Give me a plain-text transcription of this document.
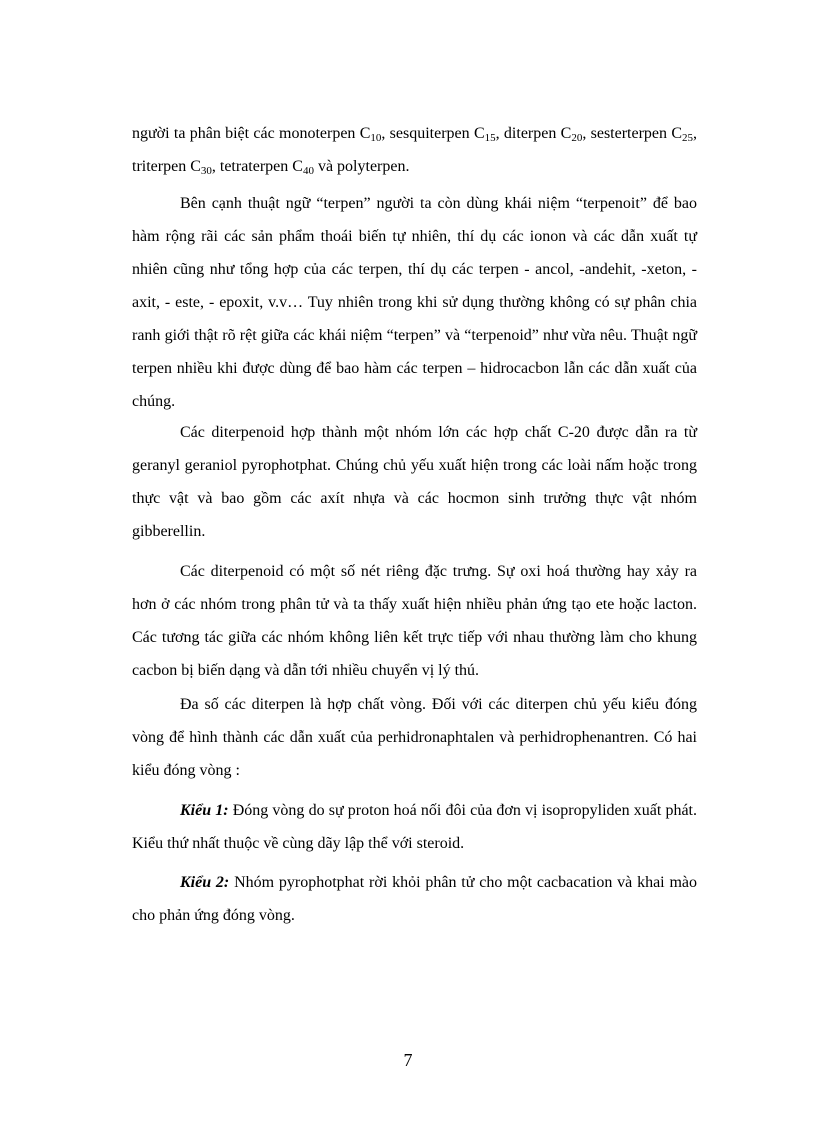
người ta phân biệt các monoterpen $C_{10}$, sesquiterpen $C_{15}$, diterpen $C_{20}$, sesterterpen $C_{25}$, triterpen $C_{30}$, tetraterpen $C_{40}$ và polyterpen.

Bên cạnh thuật ngữ “terpen” người ta còn dùng khái niệm “terpenoit” để bao hàm rộng rãi các sản phẩm thoái biến tự nhiên, thí dụ các ionon và các dẫn xuất tự nhiên cũng như tổng hợp của các terpen, thí dụ các terpen - ancol, -andehit, -xeton, -axit, - este, - epoxit, v.v… Tuy nhiên trong khi sử dụng thường không có sự phân chia ranh giới thật rõ rệt giữa các khái niệm “terpen” và “terpenoid” như vừa nêu. Thuật ngữ terpen nhiều khi được dùng để bao hàm các terpen – hidrocacbon lẫn các dẫn xuất của chúng.

Các diterpenoid hợp thành một nhóm lớn các hợp chất C-20 được dẫn ra từ geranyl geraniol pyrophotphat. Chúng chủ yếu xuất hiện trong các loài nấm hoặc trong thực vật và bao gồm các axít nhựa và các hocmon sinh trưởng thực vật nhóm gibberellin.

Các diterpenoid có một số nét riêng đặc trưng. Sự oxi hoá thường hay xảy ra hơn ở các nhóm trong phân tử và ta thấy xuất hiện nhiều phản ứng tạo ete hoặc lacton. Các tương tác giữa các nhóm không liên kết trực tiếp với nhau thường làm cho khung cacbon bị biến dạng và dẫn tới nhiều chuyển vị lý thú.

Đa số các diterpen là hợp chất vòng. Đối với các diterpen chủ yếu kiểu đóng vòng để hình thành các dẫn xuất của perhidronaphtalen và perhidrophenantren. Có hai kiểu đóng vòng :

Kiểu 1: Đóng vòng do sự proton hoá nối đôi của đơn vị isopropyliden xuất phát. Kiểu thứ nhất thuộc về cùng dãy lập thể với steroid.

Kiểu 2: Nhóm pyrophotphat rời khỏi phân tử cho một cacbacation và khai mào cho phản ứng đóng vòng.

7
